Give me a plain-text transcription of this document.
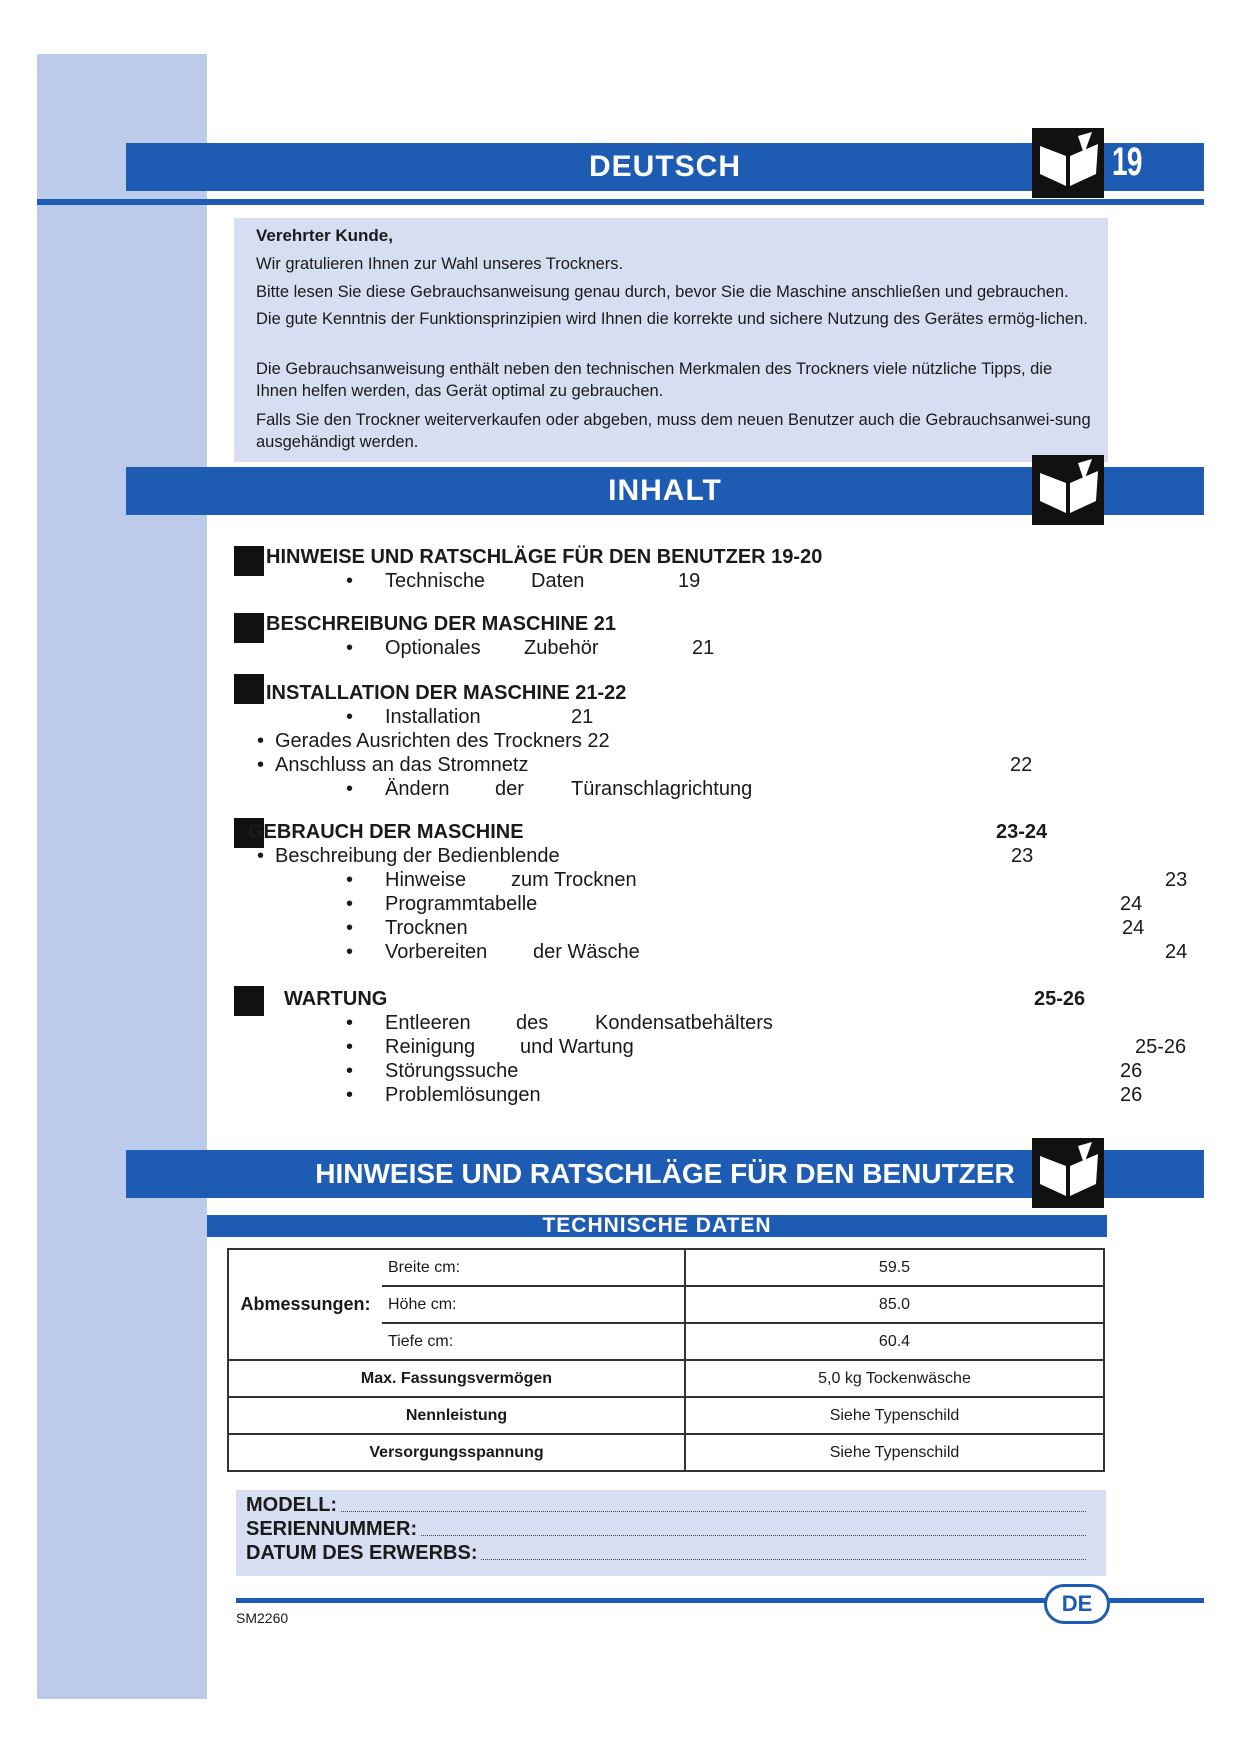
DEUTSCH	19

Verehrter Kunde,

Wir gratulieren Ihnen zur Wahl unseres Trockners.

Bitte lesen Sie diese Gebrauchsanweisung genau durch, bevor Sie die Maschine anschließen und gebrauchen.

Die gute Kenntnis der Funktionsprinzipien wird Ihnen die korrekte und sichere Nutzung des Gerätes ermög-lichen.

Die Gebrauchsanweisung enthält neben den technischen Merkmalen des Trockners viele nützliche Tipps, die Ihnen helfen werden, das Gerät optimal zu gebrauchen.

Falls Sie den Trockner weiterverkaufen oder abgeben, muss dem neuen Benutzer auch die Gebrauchsanwei-sung ausgehändigt werden.

INHALT
HINWEISE UND RATSCHLÄGE FÜR DEN BENUTZER 19-20
• Technische Daten	19
BESCHREIBUNG DER MASCHINE 21
• Optionales Zubehör	21
INSTALLATION DER MASCHINE 21-22
• Installation	21
• Gerades Ausrichten des Trockners 22
• Anschluss an das Stromnetz	22
• Ändern der Türanschlagrichtung
GEBRAUCH DER MASCHINE	23-24
• Beschreibung der Bedienblende	23
• Hinweise zum Trocknen	23
• Programmtabelle	24
• Trocknen	24
• Vorbereiten der Wäsche	24
WARTUNG	25-26
• Entleeren des Kondensatbehälters
• Reinigung und Wartung	25-26
• Störungssuche	26
• Problemlösungen	26
HINWEISE UND RATSCHLÄGE FÜR DEN BENUTZER
TECHNISCHE DATEN
Abmessungen:	Breite cm:	59.5
	Höhe cm:	85.0
	Tiefe cm:	60.4
Max. Fassungsvermögen		5,0 kg Tockenwäsche
Nennleistung		Siehe Typenschild
Versorgungsspannung		Siehe Typenschild
MODELL:
SERIENNUMMER:
DATUM DES ERWERBS:
DE
SM2260
